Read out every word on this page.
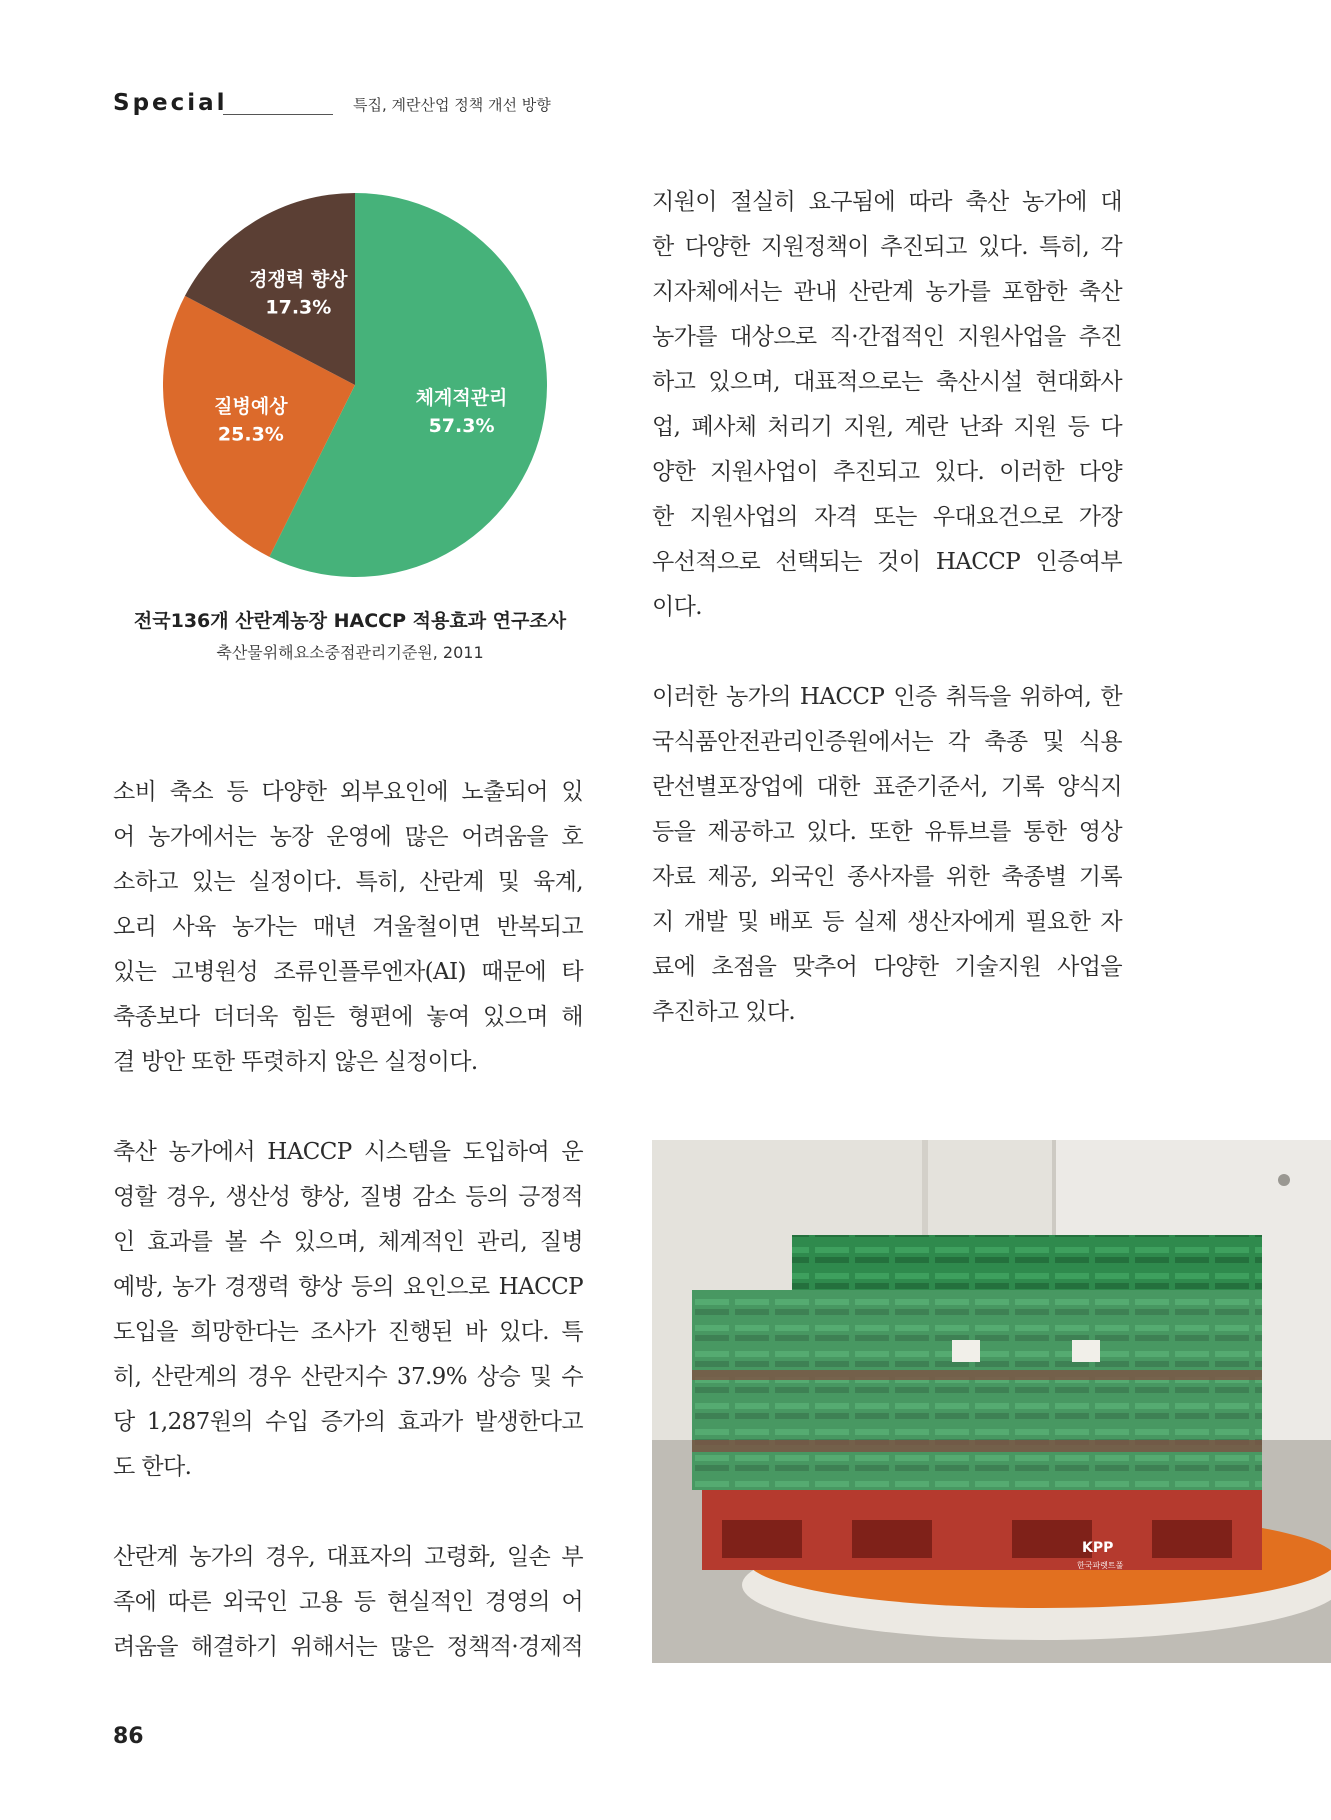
Special	특집, 계란산업 정책 개선 방향
체계적관리
57.3%
질병예상
25.3%
경쟁력 향상
17.3%
전국136개 산란계농장 HACCP 적용효과 연구조사
축산물위해요소중점관리기준원, 2011

소비 축소 등 다양한 외부요인에 노출되어 있

어 농가에서는 농장 운영에 많은 어려움을 호

소하고 있는 실정이다. 특히, 산란계 및 육계,

오리 사육 농가는 매년 겨울철이면 반복되고

있는 고병원성 조류인플루엔자(AI) 때문에 타

축종보다 더더욱 힘든 형편에 놓여 있으며 해

결 방안 또한 뚜렷하지 않은 실정이다.

축산 농가에서 HACCP 시스템을 도입하여 운

영할 경우, 생산성 향상, 질병 감소 등의 긍정적

인 효과를 볼 수 있으며, 체계적인 관리, 질병

예방, 농가 경쟁력 향상 등의 요인으로 HACCP

도입을 희망한다는 조사가 진행된 바 있다. 특

히, 산란계의 경우 산란지수 37.9% 상승 및 수

당 1,287원의 수입 증가의 효과가 발생한다고

도 한다.

산란계 농가의 경우, 대표자의 고령화, 일손 부

족에 따른 외국인 고용 등 현실적인 경영의 어

려움을 해결하기 위해서는 많은 정책적·경제적

지원이 절실히 요구됨에 따라 축산 농가에 대

한 다양한 지원정책이 추진되고 있다. 특히, 각

지자체에서는 관내 산란계 농가를 포함한 축산

농가를 대상으로 직·간접적인 지원사업을 추진

하고 있으며, 대표적으로는 축산시설 현대화사

업, 폐사체 처리기 지원, 계란 난좌 지원 등 다

양한 지원사업이 추진되고 있다. 이러한 다양

한 지원사업의 자격 또는 우대요건으로 가장

우선적으로 선택되는 것이 HACCP 인증여부

이다.

이러한 농가의 HACCP 인증 취득을 위하여, 한

국식품안전관리인증원에서는 각 축종 및 식용

란선별포장업에 대한 표준기준서, 기록 양식지

등을 제공하고 있다. 또한 유튜브를 통한 영상

자료 제공, 외국인 종사자를 위한 축종별 기록

지 개발 및 배포 등 실제 생산자에게 필요한 자

료에 초점을 맞추어 다양한 기술지원 사업을

추진하고 있다.

KPP
한국파렛트풀
86
